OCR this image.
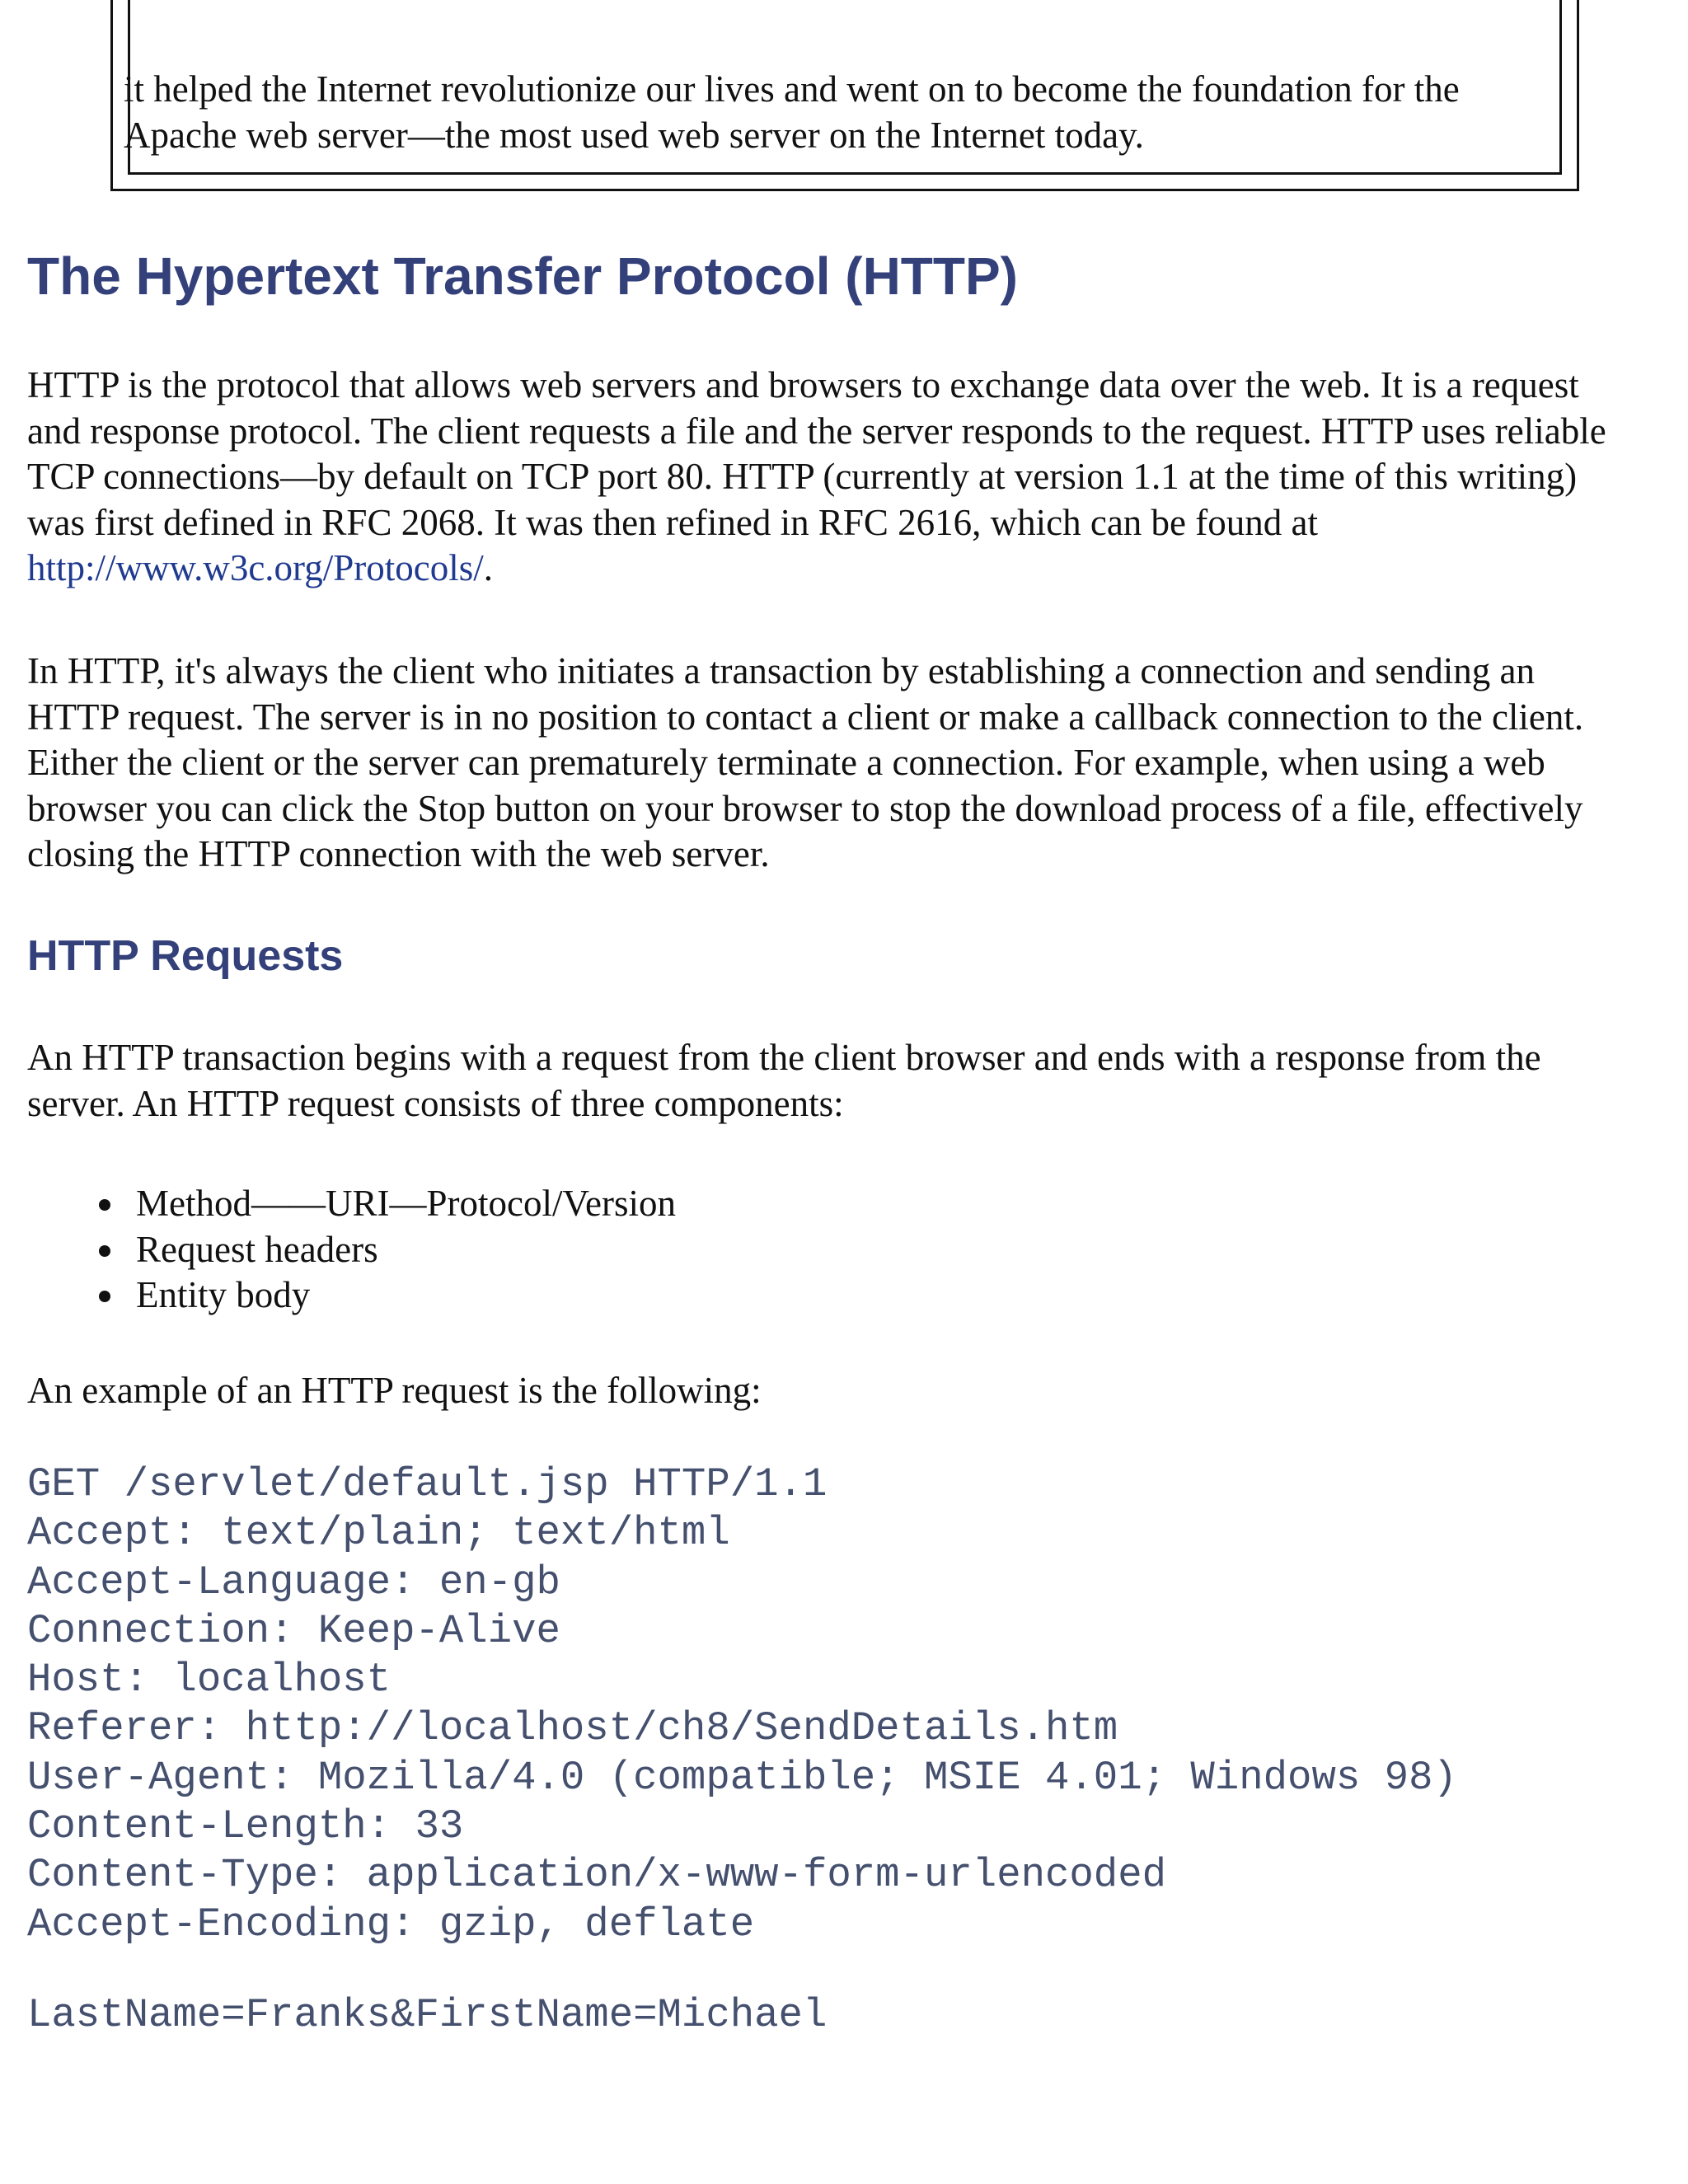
it helped the Internet revolutionize our lives and went on to become the foundation for the
Apache web server—the most used web server on the Internet today.

The Hypertext Transfer Protocol (HTTP)

HTTP is the protocol that allows web servers and browsers to exchange data over the web. It is a request
and response protocol. The client requests a file and the server responds to the request. HTTP uses reliable
TCP connections—by default on TCP port 80. HTTP (currently at version 1.1 at the time of this writing)
was first defined in RFC 2068. It was then refined in RFC 2616, which can be found at
http://www.w3c.org/Protocols/.

In HTTP, it's always the client who initiates a transaction by establishing a connection and sending an
HTTP request. The server is in no position to contact a client or make a callback connection to the client.
Either the client or the server can prematurely terminate a connection. For example, when using a web
browser you can click the Stop button on your browser to stop the download process of a file, effectively
closing the HTTP connection with the web server.

HTTP Requests

An HTTP transaction begins with a request from the client browser and ends with a response from the
server. An HTTP request consists of three components:

Method——URI—Protocol/Version
Request headers
Entity body

An example of an HTTP request is the following:

GET /servlet/default.jsp HTTP/1.1
Accept: text/plain; text/html
Accept-Language: en-gb
Connection: Keep-Alive
Host: localhost
Referer: http://localhost/ch8/SendDetails.htm
User-Agent: Mozilla/4.0 (compatible; MSIE 4.01; Windows 98)
Content-Length: 33
Content-Type: application/x-www-form-urlencoded
Accept-Encoding: gzip, deflate
LastName=Franks&FirstName=Michael
